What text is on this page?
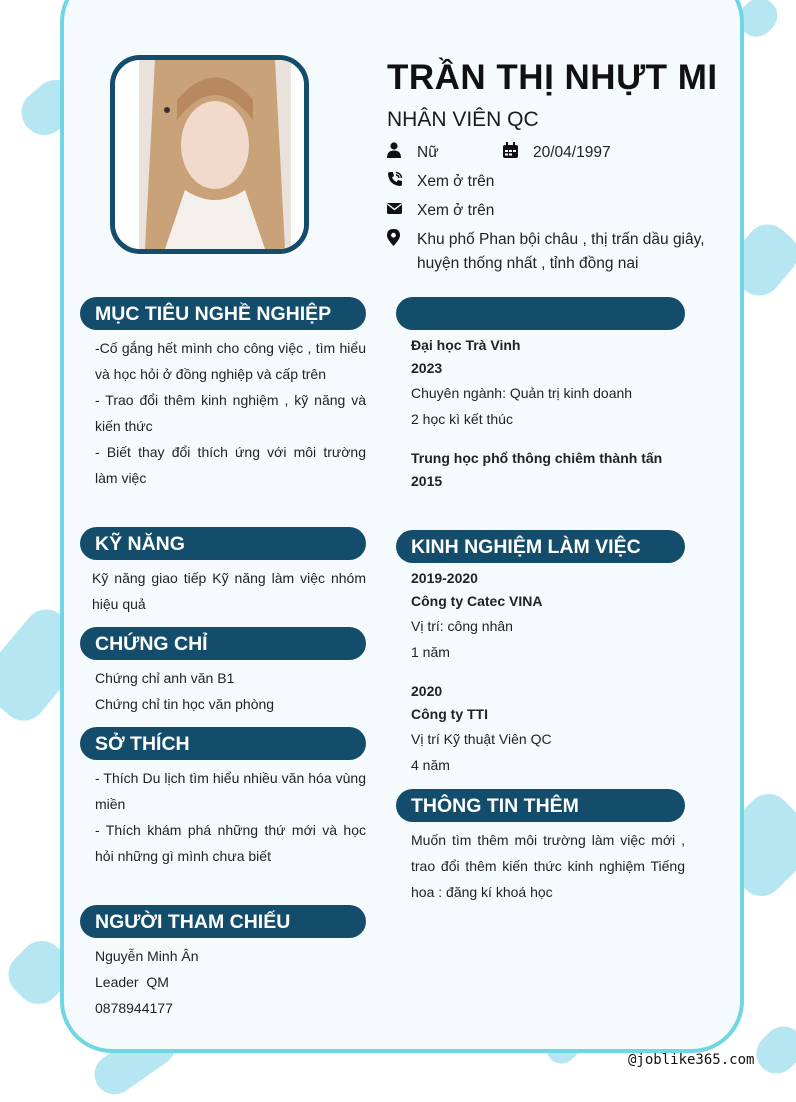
TRẦN THỊ NHỰT MI
NHÂN VIÊN QC
Nữ	20/04/1997
Xem ở trên
Xem ở trên
Khu phố Phan bội châu , thị trấn dầu giây,
huyện thống nhất , tỉnh đồng nai
MỤC TIÊU NGHỀ NGHIỆP

-Cố gắng hết mình cho công việc , tìm hiểu và học hỏi ở đồng nghiệp và cấp trên

- Trao đổi thêm kinh nghiệm , kỹ năng và kiến thức

- Biết thay đổi thích ứng với môi trường làm việc

KỸ NĂNG
Kỹ năng giao tiếp Kỹ năng làm việc nhóm hiệu quả
CHỨNG CHỈ

Chứng chỉ anh văn B1

Chứng chỉ tin học văn phòng

SỞ THÍCH

- Thích Du lịch tìm hiểu nhiều văn hóa vùng miền

- Thích khám phá những thứ mới và học hỏi những gì mình chưa biết

NGƯỜI THAM CHIẾU

Nguyễn Minh Ân

Leader  QM

0878944177

Đại học Trà Vinh

2023

Chuyên ngành: Quản trị kinh doanh

2 học kì kết thúc

Trung học phổ thông chiêm thành tấn

2015

KINH NGHIỆM LÀM VIỆC

2019-2020

Công ty Catec VINA

Vị trí: công nhân

1 năm

2020

Công ty TTI

Vị trí Kỹ thuật Viên QC

4 năm

THÔNG TIN THÊM
Muốn tìm thêm môi trường làm việc mới , trao đổi thêm kiến thức kinh nghiệm Tiếng hoa : đăng kí khoá học
@joblike365.com
